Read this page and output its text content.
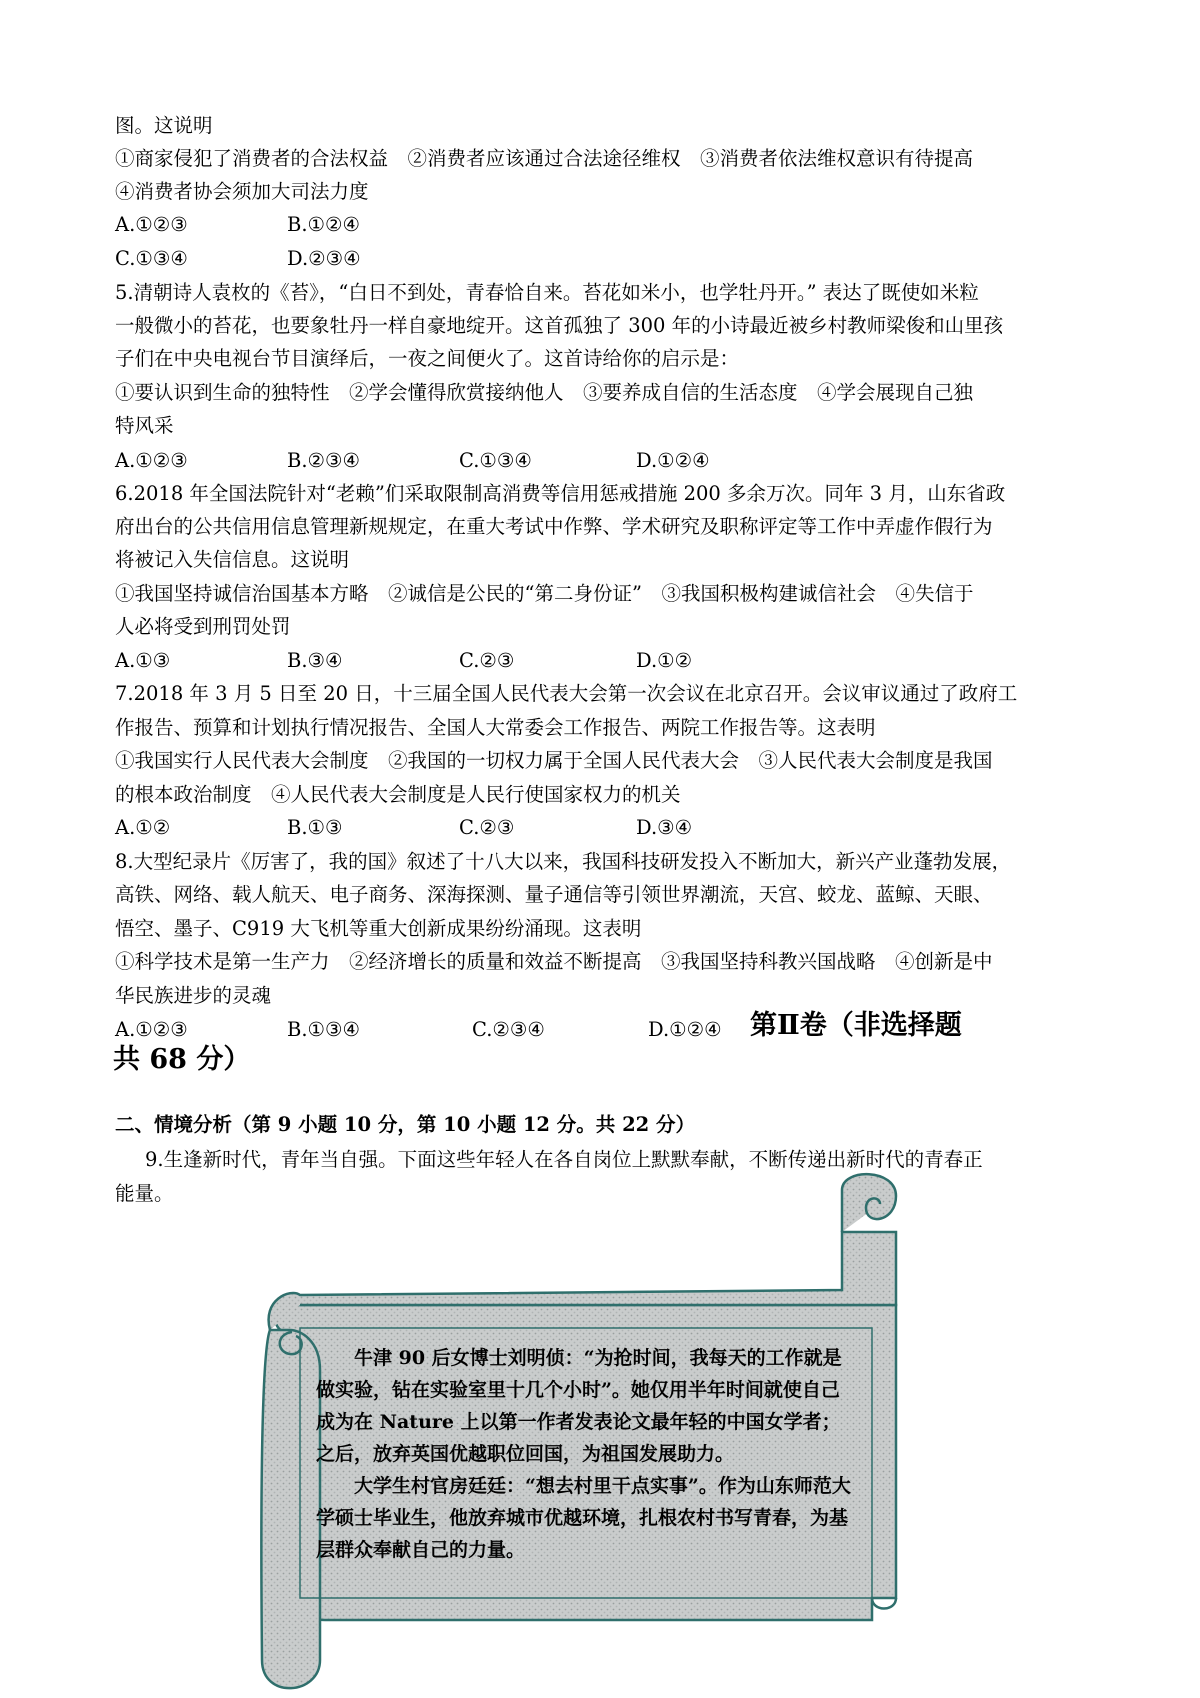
图。这说明
①商家侵犯了消费者的合法权益　②消费者应该通过合法途径维权　③消费者依法维权意识有待提高
④消费者协会须加大司法力度
A.①②③	B.①②④
C.①③④	D.②③④
5.清朝诗人袁枚的《苔》，“白日不到处，青春恰自来。苔花如米小，也学牡丹开。” 表达了既使如米粒
一般微小的苔花，也要象牡丹一样自豪地绽开。这首孤独了 300 年的小诗最近被乡村教师梁俊和山里孩
子们在中央电视台节目演绎后，一夜之间便火了。这首诗给你的启示是：
①要认识到生命的独特性　②学会懂得欣赏接纳他人　③要养成自信的生活态度　④学会展现自己独
特风采
A.①②③	B.②③④	C.①③④	D.①②④
6.2018 年全国法院针对“老赖”们采取限制高消费等信用惩戒措施 200 多余万次。同年 3 月，山东省政
府出台的公共信用信息管理新规规定，在重大考试中作弊、学术研究及职称评定等工作中弄虚作假行为
将被记入失信信息。这说明
①我国坚持诚信治国基本方略　②诚信是公民的“第二身份证”　③我国积极构建诚信社会　④失信于
人必将受到刑罚处罚
A.①③	B.③④	C.②③	D.①②
7.2018 年 3 月 5 日至 20 日，十三届全国人民代表大会第一次会议在北京召开。会议审议通过了政府工
作报告、预算和计划执行情况报告、全国人大常委会工作报告、两院工作报告等。这表明
①我国实行人民代表大会制度　②我国的一切权力属于全国人民代表大会　③人民代表大会制度是我国
的根本政治制度　④人民代表大会制度是人民行使国家权力的机关
A.①②	B.①③	C.②③	D.③④
8.大型纪录片《厉害了，我的国》叙述了十八大以来，我国科技研发投入不断加大，新兴产业蓬勃发展，
高铁、网络、载人航天、电子商务、深海探测、量子通信等引领世界潮流，天宫、蛟龙、蓝鲸、天眼、
悟空、墨子、C919 大飞机等重大创新成果纷纷涌现。这表明
①科学技术是第一生产力　②经济增长的质量和效益不断提高　③我国坚持科教兴国战略　④创新是中
华民族进步的灵魂
A.①②③	B.①③④	C.②③④	D.①②④ 第Ⅱ卷（非选择题
共 68 分）
二、情境分析（第 9 小题 10 分，第 10 小题 12 分。共 22 分）
9.生逢新时代，青年当自强。下面这些年轻人在各自岗位上默默奉献，不断传递出新时代的青春正
能量。

牛津 90 后女博士刘明侦：“为抢时间，我每天的工作就是做实验，钻在实验室里十几个小时”。她仅用半年时间就使自己成为在 Nature 上以第一作者发表论文最年轻的中国女学者；之后，放弃英国优越职位回国，为祖国发展助力。

大学生村官房廷廷：“想去村里干点实事”。作为山东师范大学硕士毕业生，他放弃城市优越环境，扎根农村书写青春，为基层群众奉献自己的力量。
